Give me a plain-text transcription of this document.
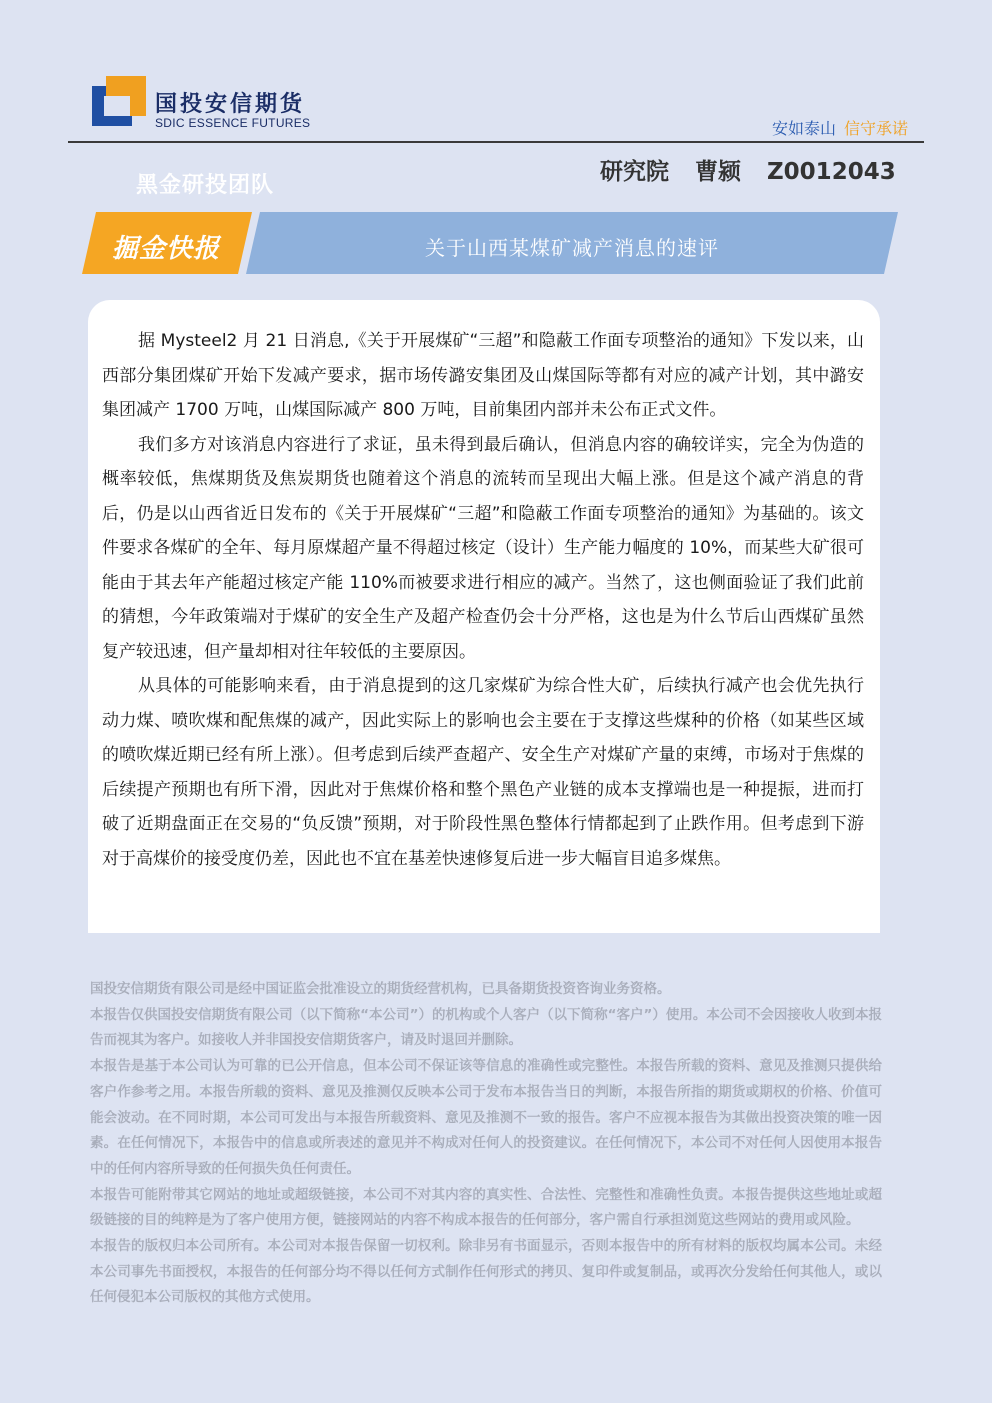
国投安信期货
SDIC ESSENCE FUTURES	安如泰山 信守承诺
黑金研投团队
研究院 曹颍 Z0012043
掘金快报	关于山西某煤矿减产消息的速评

据 Mysteel2 月 21 日消息,《关于开展煤矿“三超”和隐蔽工作面专项整治的通知》下发以来，山西部分集团煤矿开始下发减产要求，据市场传潞安集团及山煤国际等都有对应的减产计划，其中潞安集团减产 1700 万吨，山煤国际减产 800 万吨，目前集团内部并未公布正式文件。

我们多方对该消息内容进行了求证，虽未得到最后确认，但消息内容的确较详实，完全为伪造的概率较低，焦煤期货及焦炭期货也随着这个消息的流转而呈现出大幅上涨。但是这个减产消息的背后，仍是以山西省近日发布的《关于开展煤矿“三超”和隐蔽工作面专项整治的通知》为基础的。该文件要求各煤矿的全年、每月原煤超产量不得超过核定（设计）生产能力幅度的 10%，而某些大矿很可能由于其去年产能超过核定产能 110%而被要求进行相应的减产。当然了，这也侧面验证了我们此前的猜想，今年政策端对于煤矿的安全生产及超产检查仍会十分严格，这也是为什么节后山西煤矿虽然复产较迅速，但产量却相对往年较低的主要原因。

从具体的可能影响来看，由于消息提到的这几家煤矿为综合性大矿，后续执行减产也会优先执行动力煤、喷吹煤和配焦煤的减产，因此实际上的影响也会主要在于支撑这些煤种的价格（如某些区域的喷吹煤近期已经有所上涨）。但考虑到后续严查超产、安全生产对煤矿产量的束缚，市场对于焦煤的后续提产预期也有所下滑，因此对于焦煤价格和整个黑色产业链的成本支撑端也是一种提振，进而打破了近期盘面正在交易的“负反馈”预期，对于阶段性黑色整体行情都起到了止跌作用。但考虑到下游对于高煤价的接受度仍差，因此也不宜在基差快速修复后进一步大幅盲目追多煤焦。

国投安信期货有限公司是经中国证监会批准设立的期货经营机构，已具备期货投资咨询业务资格。

本报告仅供国投安信期货有限公司（以下简称“本公司”）的机构或个人客户（以下简称“客户”）使用。本公司不会因接收人收到本报告而视其为客户。如接收人并非国投安信期货客户，请及时退回并删除。

本报告是基于本公司认为可靠的已公开信息，但本公司不保证该等信息的准确性或完整性。本报告所载的资料、意见及推测只提供给客户作参考之用。本报告所载的资料、意见及推测仅反映本公司于发布本报告当日的判断，本报告所指的期货或期权的价格、价值可能会波动。在不同时期，本公司可发出与本报告所载资料、意见及推测不一致的报告。客户不应视本报告为其做出投资决策的唯一因素。在任何情况下，本报告中的信息或所表述的意见并不构成对任何人的投资建议。在任何情况下，本公司不对任何人因使用本报告中的任何内容所导致的任何损失负任何责任。

本报告可能附带其它网站的地址或超级链接，本公司不对其内容的真实性、合法性、完整性和准确性负责。本报告提供这些地址或超级链接的目的纯粹是为了客户使用方便，链接网站的内容不构成本报告的任何部分，客户需自行承担浏览这些网站的费用或风险。

本报告的版权归本公司所有。本公司对本报告保留一切权利。除非另有书面显示，否则本报告中的所有材料的版权均属本公司。未经本公司事先书面授权，本报告的任何部分均不得以任何方式制作任何形式的拷贝、复印件或复制品，或再次分发给任何其他人，或以任何侵犯本公司版权的其他方式使用。
